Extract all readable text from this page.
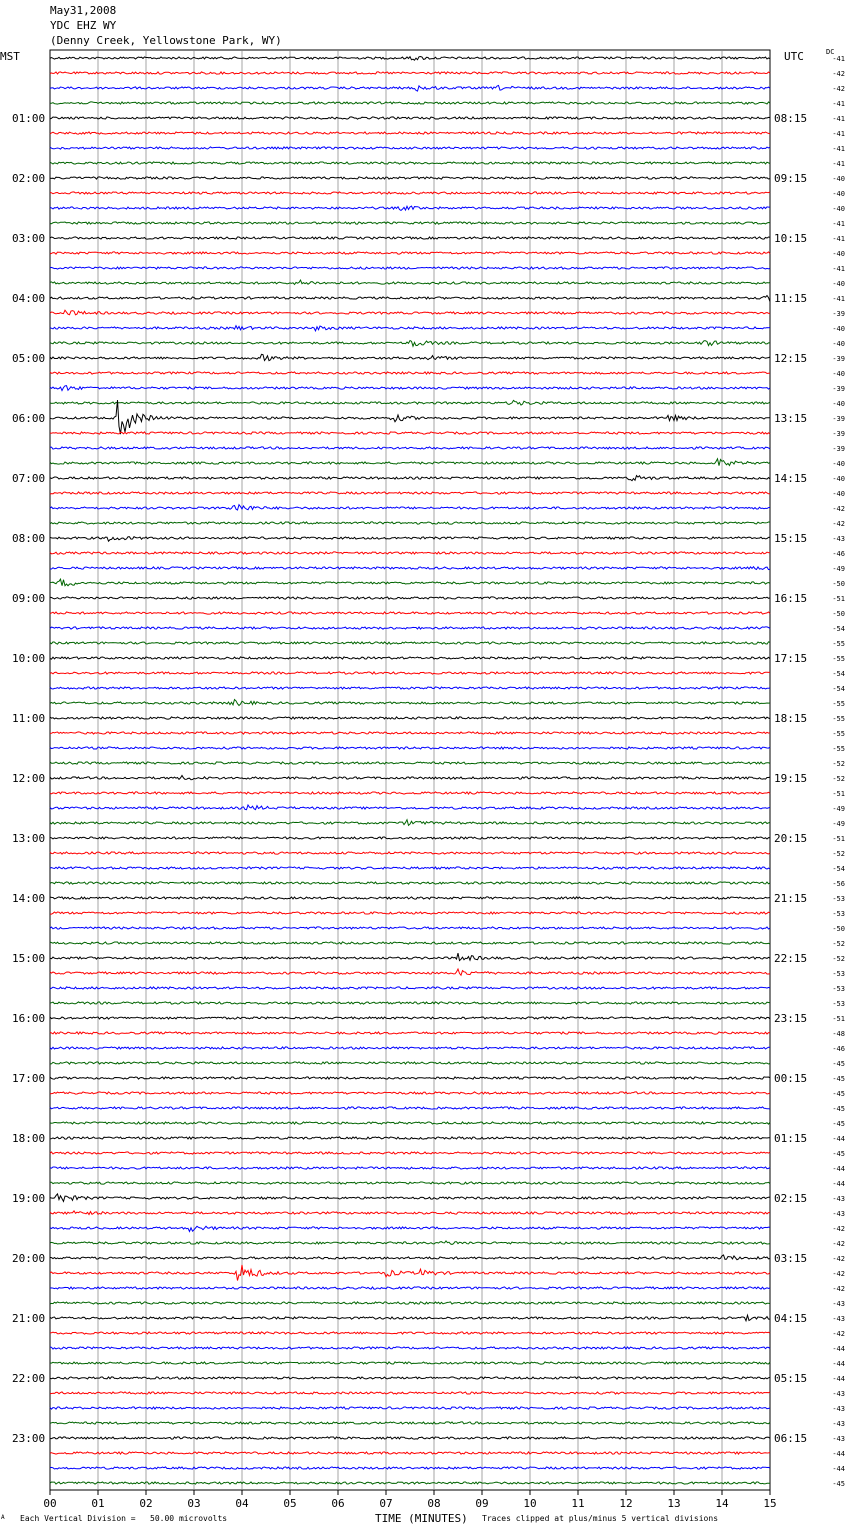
00	01	02	03	04	05	06	07	08	09	10	11	12	13	14	15
-41
-42
-42
-41
-41
-41
-41
-41
-40
-40
-40
-41
-41
-40
-41
-40
-41
-39
-40
-40
-39
-40
-39
-40
-39
-39
-39
-40
-40
-40
-42
-42
-43
-46
-49
-50
-51
-50
-54
-55
-55
-54
-54
-55
-55
-55
-55
-52
-52
-51
-49
-49
-51
-52
-54
-56
-53
-53
-50
-52
-52
-53
-53
-53
-51
-48
-46
-45
-45
-45
-45
-45
-44
-45
-44
-44
-43
-43
-42
-42
-42
-42
-42
-43
-43
-42
-44
-44
-44
-43
-43
-43
-43
-44
-44
-45
01:00	08:15
02:00	09:15
03:00	10:15
04:00	11:15
05:00	12:15
06:00	13:15
07:00	14:15
08:00	15:15
09:00	16:15
10:00	17:15
11:00	18:15
12:00	19:15
13:00	20:15
14:00	21:15
15:00	22:15
16:00	23:15
17:00	00:15
18:00	01:15
19:00	02:15
20:00	03:15
21:00	04:15
22:00	05:15
23:00	06:15
May31,2008
YDC EHZ WY
(Denny Creek, Yellowstone Park, WY)
MST	UTC	DC
A Each Vertical Division =   50.00 microvolts	TIME (MINUTES) Traces clipped at plus/minus 5 vertical divisions
